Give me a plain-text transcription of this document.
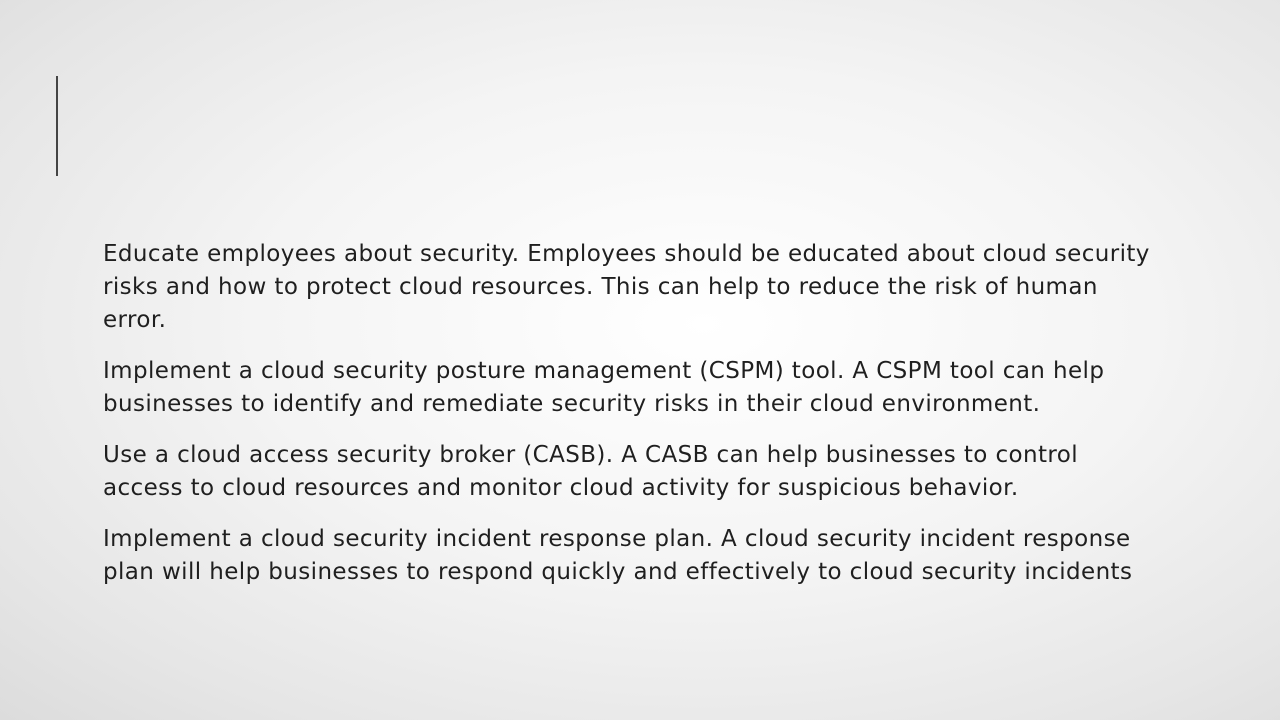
Educate employees about security. Employees should be educated about cloud security risks and how to protect cloud resources. This can help to reduce the risk of human error.

Implement a cloud security posture management (CSPM) tool. A CSPM tool can help businesses to identify and remediate security risks in their cloud environment.

Use a cloud access security broker (CASB). A CASB can help businesses to control access to cloud resources and monitor cloud activity for suspicious behavior.

Implement a cloud security incident response plan. A cloud security incident response plan will help businesses to respond quickly and effectively to cloud security incidents
